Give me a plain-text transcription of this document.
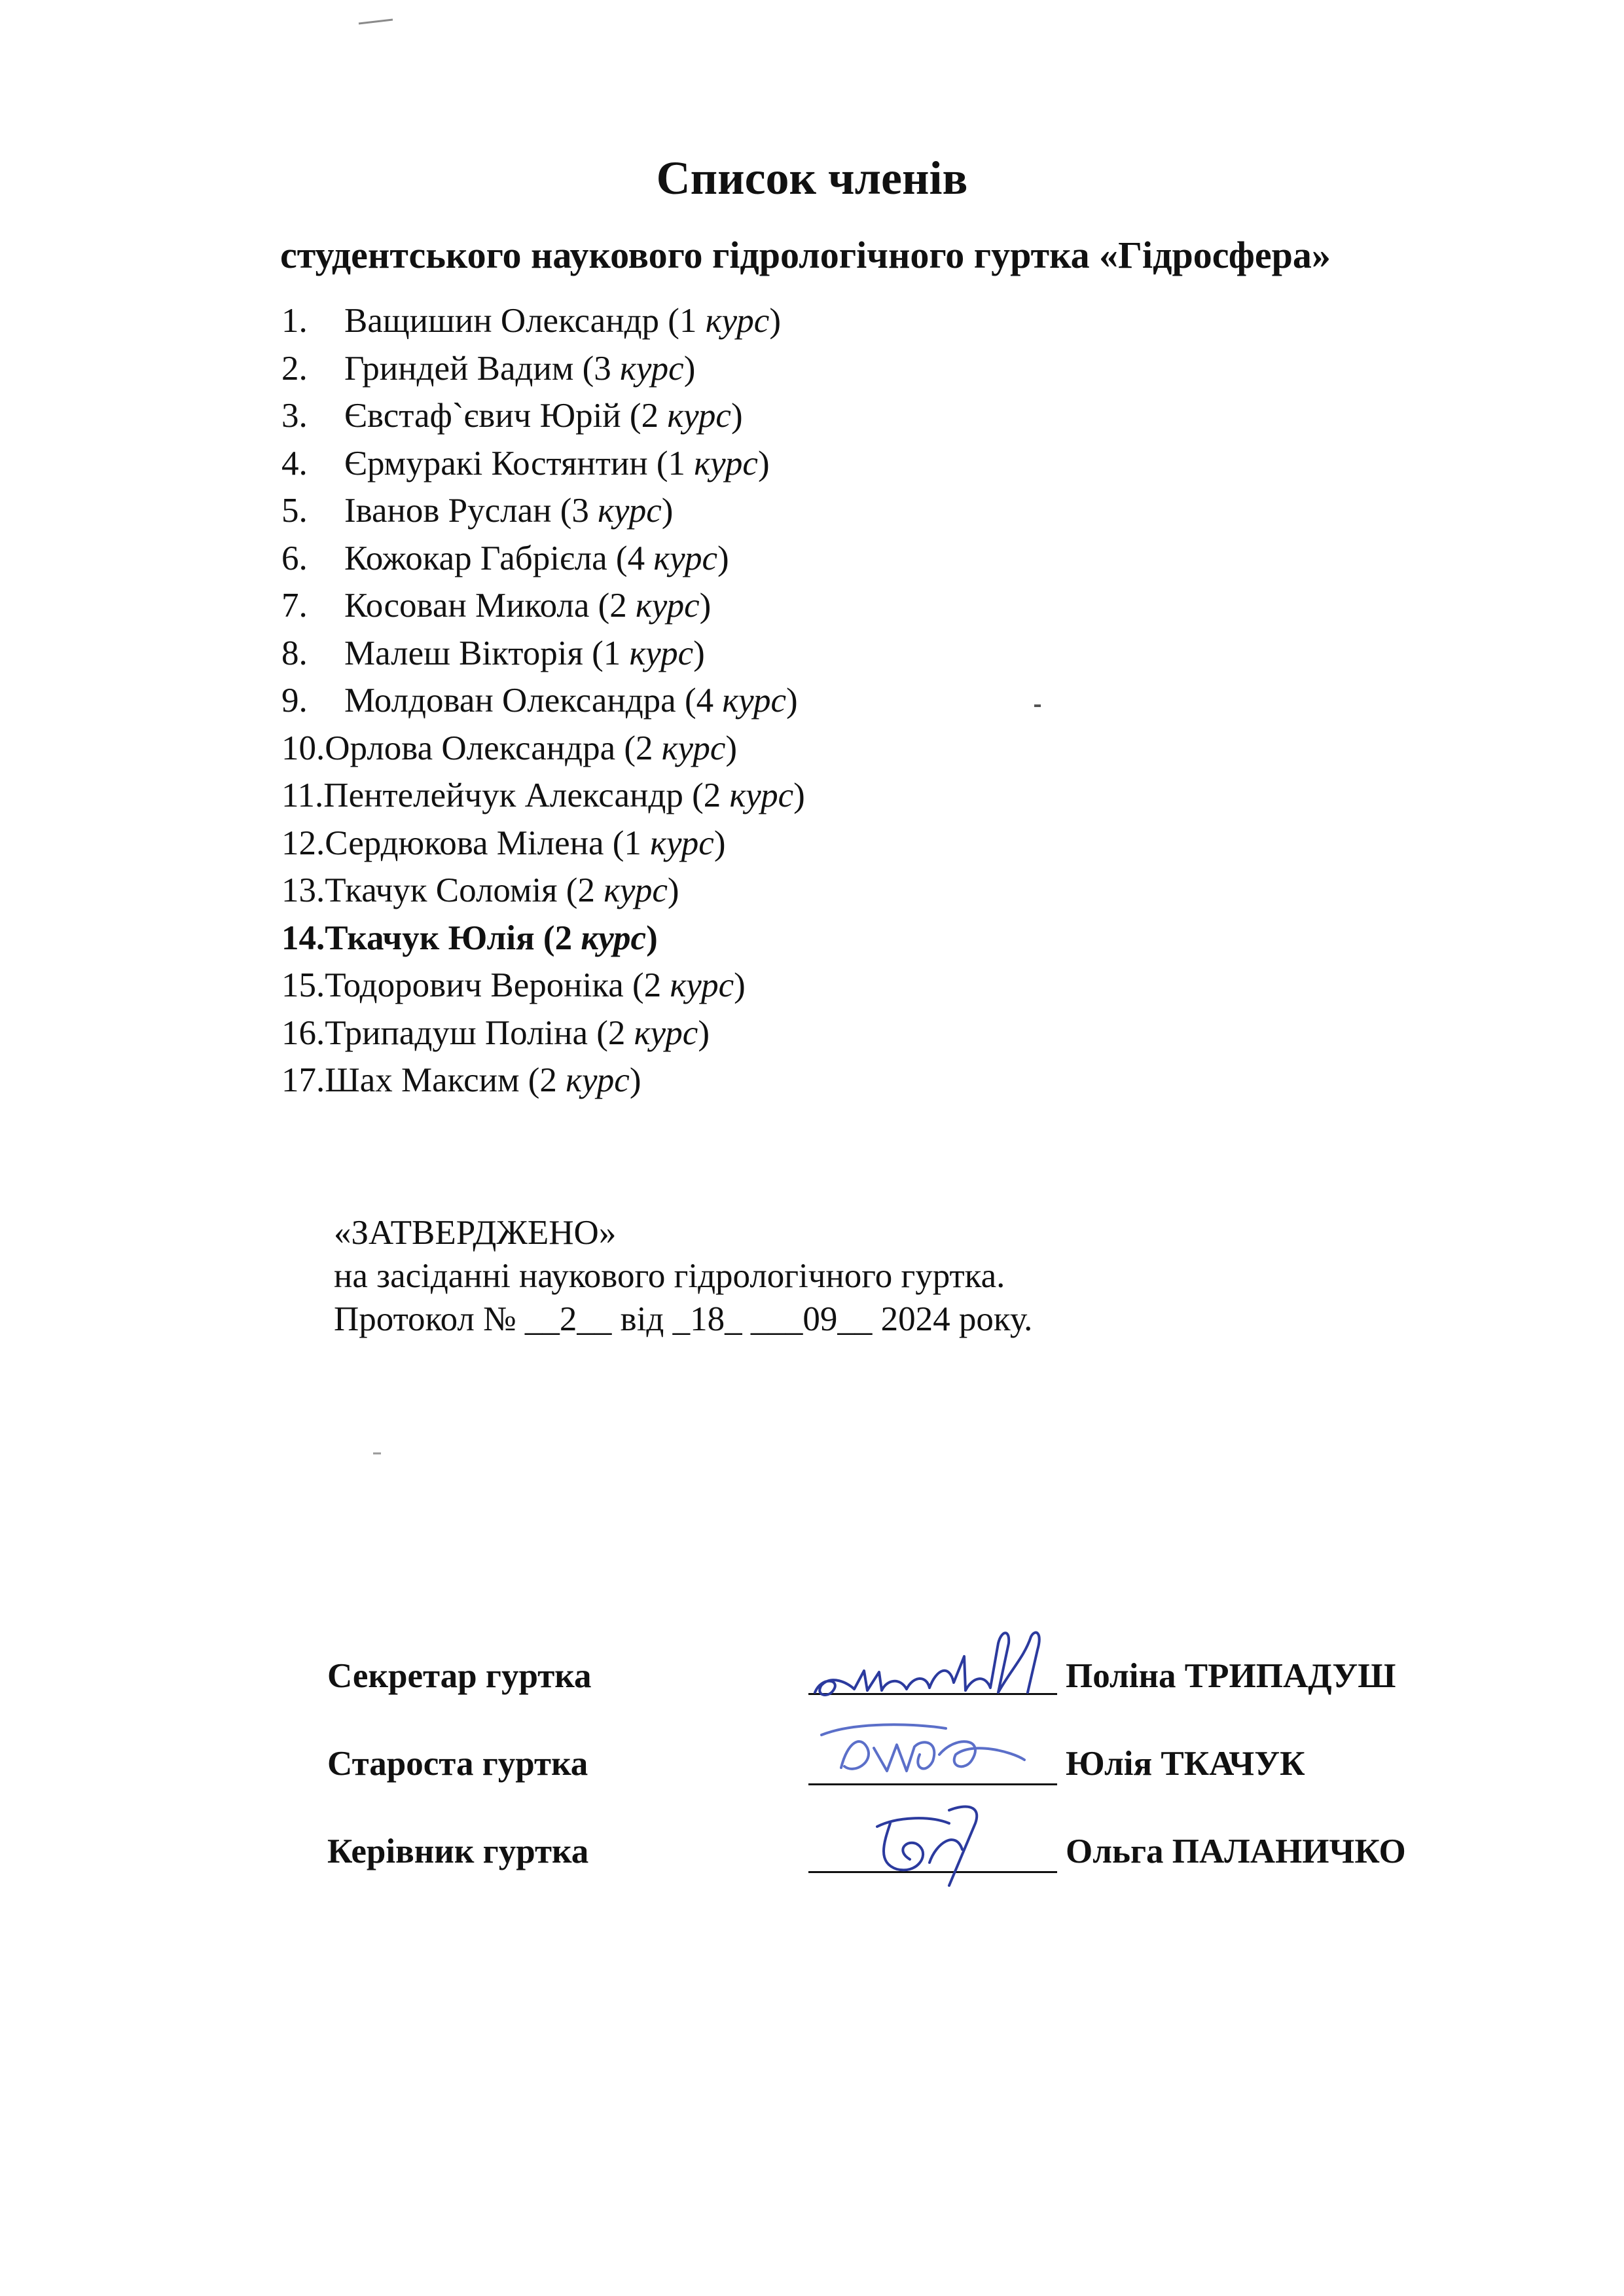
Список членів
студентського наукового гідрологічного гуртка «Гідросфера»
1. Ващишин Олександр (1 курс)
2. Гриндей Вадим (3 курс)
3. Євстаф`євич Юрій (2 курс)
4. Єрмуракі Костянтин (1 курс)
5. Іванов Руслан (3 курс)
6. Кожокар Габрієла (4 курс)
7. Косован Микола (2 курс)
8. Малеш Вікторія (1 курс)
9. Молдован Олександра (4 курс)
10.Орлова Олександра (2 курс)
11.Пентелейчук Александр (2 курс)
12.Сердюкова Мілена (1 курс)
13.Ткачук Соломія (2 курс)
14.Ткачук Юлія (2 курс)
15.Тодорович Вероніка (2 курс)
16.Трипадуш Поліна (2 курс)
17.Шах Максим (2 курс)
«ЗАТВЕРДЖЕНО»
на засіданні наукового гідрологічного гуртка.
Протокол № __2__ від _18_ ___09__ 2024 року.
Секретар гуртка	Поліна ТРИПАДУШ
Староста гуртка	Юлія ТКАЧУК
Керівник гуртка	Ольга ПАЛАНИЧКО
